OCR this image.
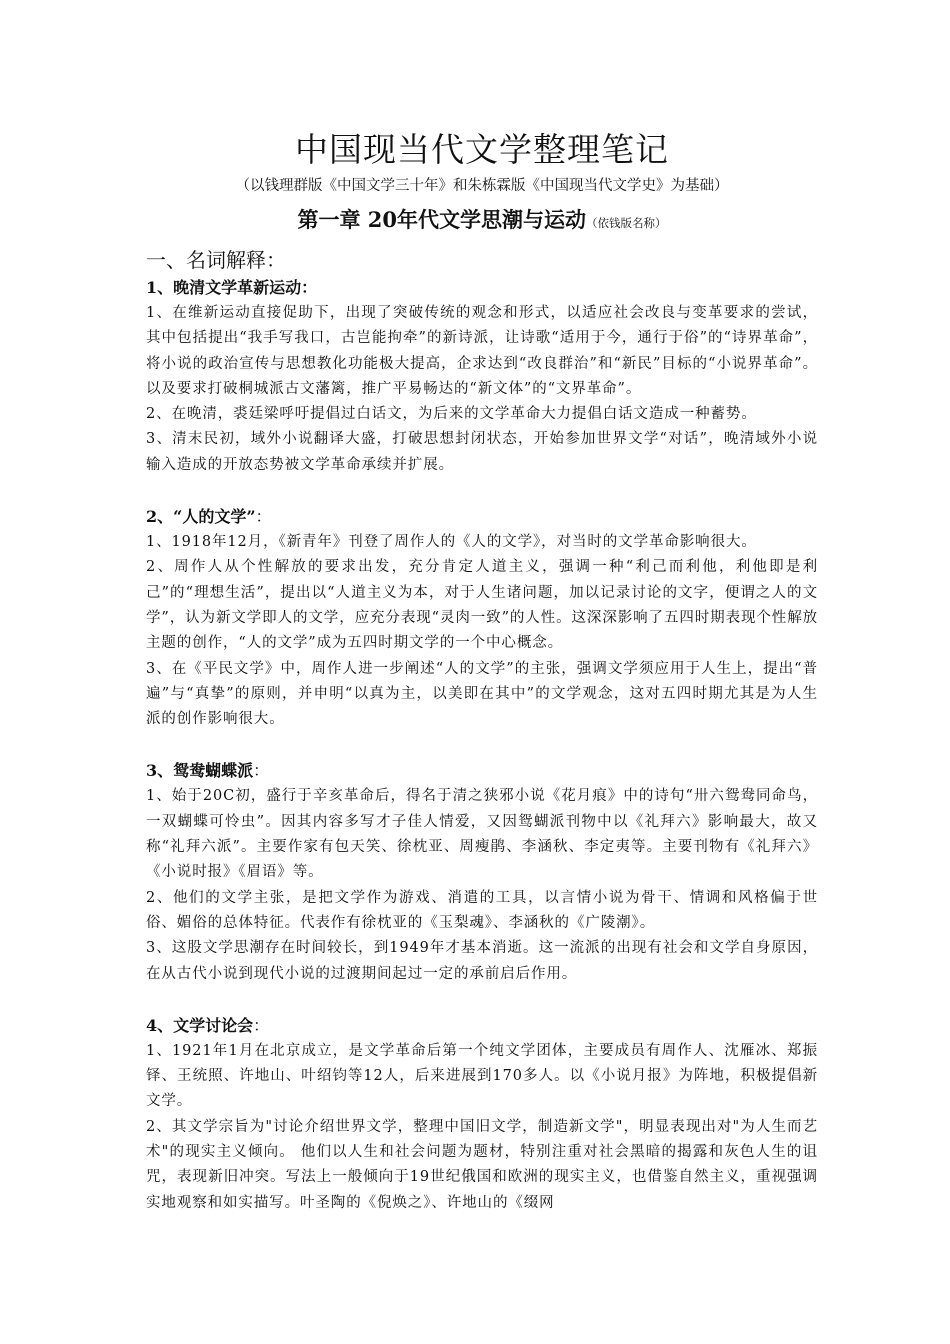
中国现当代文学整理笔记

（以钱理群版《中国文学三十年》和朱栋霖版《中国现当代文学史》为基础）

第一章 20年代文学思潮与运动（依钱版名称）
一、名词解释：
1、晚清文学革新运动：

1、在维新运动直接促助下，出现了突破传统的观念和形式，以适应社会改良与变革要求的尝试，其中包括提出“我手写我口，古岂能拘牵”的新诗派，让诗歌“适用于今，通行于俗”的“诗界革命”，将小说的政治宣传与思想教化功能极大提高，企求达到“改良群治”和“新民”目标的“小说界革命”。以及要求打破桐城派古文藩篱，推广平易畅达的“新文体”的“文界革命”。

2、在晚清，裘廷梁呼吁提倡过白话文，为后来的文学革命大力提倡白话文造成一种蓄势。

3、清末民初，域外小说翻译大盛，打破思想封闭状态，开始参加世界文学“对话”，晚清域外小说输入造成的开放态势被文学革命承续并扩展。

2、“人的文学”：

1、1918年12月，《新青年》刊登了周作人的《人的文学》，对当时的文学革命影响很大。

2、周作人从个性解放的要求出发，充分肯定人道主义，强调一种“利己而利他，利他即是利己”的“理想生活”，提出以“人道主义为本，对于人生诸问题，加以记录讨论的文字，便谓之人的文学”，认为新文学即人的文学，应充分表现“灵肉一致”的人性。这深深影响了五四时期表现个性解放主题的创作，“人的文学”成为五四时期文学的一个中心概念。

3、在《平民文学》中，周作人进一步阐述“人的文学”的主张，强调文学须应用于人生上，提出“普遍”与“真挚”的原则，并申明“以真为主，以美即在其中”的文学观念，这对五四时期尤其是为人生派的创作影响很大。

3、鸳鸯蝴蝶派：

1、始于20C初，盛行于辛亥革命后，得名于清之狭邪小说《花月痕》中的诗句“卅六鸳鸯同命鸟，一双蝴蝶可怜虫”。因其内容多写才子佳人情爱，又因鸳蝴派刊物中以《礼拜六》影响最大，故又称“礼拜六派”。主要作家有包天笑、徐枕亚、周瘦鹃、李涵秋、李定夷等。主要刊物有《礼拜六》《小说时报》《眉语》等。

2、他们的文学主张，是把文学作为游戏、消遣的工具，以言情小说为骨干、情调和风格偏于世俗、媚俗的总体特征。代表作有徐枕亚的《玉梨魂》、李涵秋的《广陵潮》。

3、这股文学思潮存在时间较长，到1949年才基本消逝。这一流派的出现有社会和文学自身原因，在从古代小说到现代小说的过渡期间起过一定的承前启后作用。

4、文学讨论会：

1、1921年1月在北京成立，是文学革命后第一个纯文学团体，主要成员有周作人、沈雁冰、郑振铎、王统照、许地山、叶绍钧等12人，后来进展到170多人。以《小说月报》为阵地，积极提倡新文学。

2、其文学宗旨为"讨论介绍世界文学，整理中国旧文学，制造新文学"，明显表现出对"为人生而艺术"的现实主义倾向。 他们以人生和社会问题为题材，特别注重对社会黑暗的揭露和灰色人生的诅咒，表现新旧冲突。写法上一般倾向于19世纪俄国和欧洲的现实主义，也借鉴自然主义，重视强调实地观察和如实描写。叶圣陶的《倪焕之》、许地山的《缀网
